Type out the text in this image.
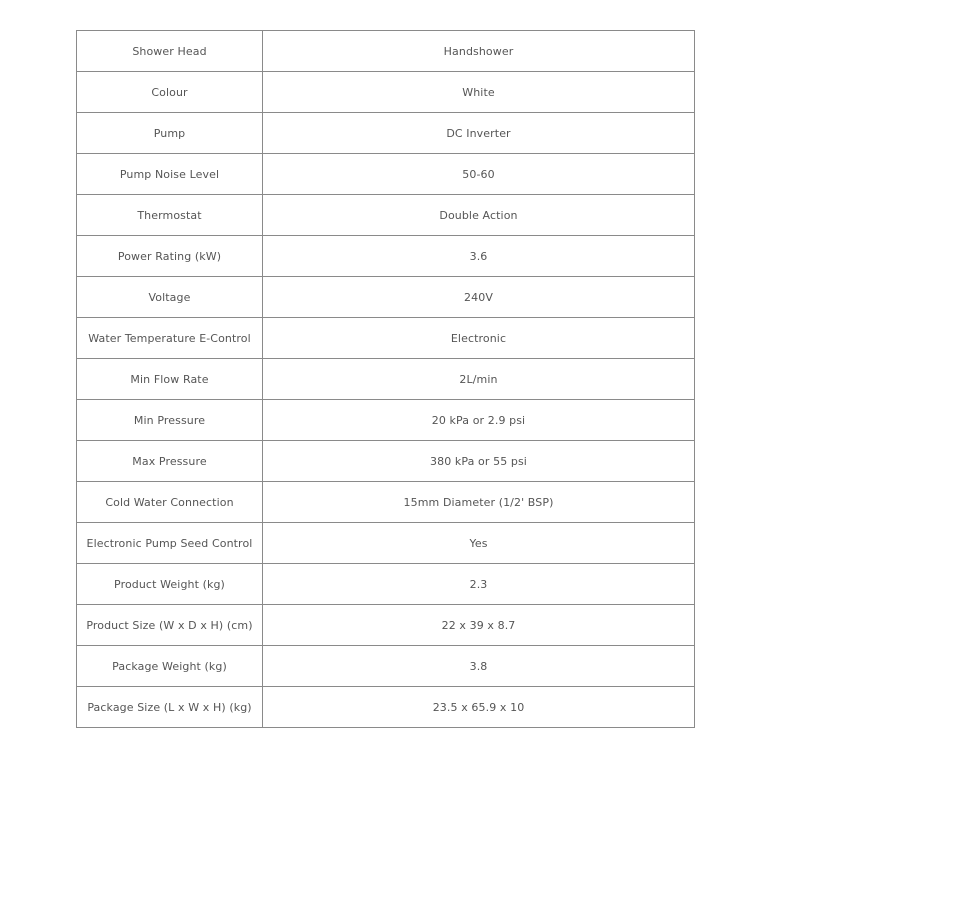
Shower Head	Handshower
Colour	White
Pump	DC Inverter
Pump Noise Level	50-60
Thermostat	Double Action
Power Rating (kW)	3.6
Voltage	240V
Water Temperature E-Control	Electronic
Min Flow Rate	2L/min
Min Pressure	20 kPa or 2.9 psi
Max Pressure	380 kPa or 55 psi
Cold Water Connection	15mm Diameter (1/2' BSP)
Electronic Pump Seed Control	Yes
Product Weight (kg)	2.3
Product Size (W x D x H) (cm)	22 x 39 x 8.7
Package Weight (kg)	3.8
Package Size (L x W x H) (kg)	23.5 x 65.9 x 10
